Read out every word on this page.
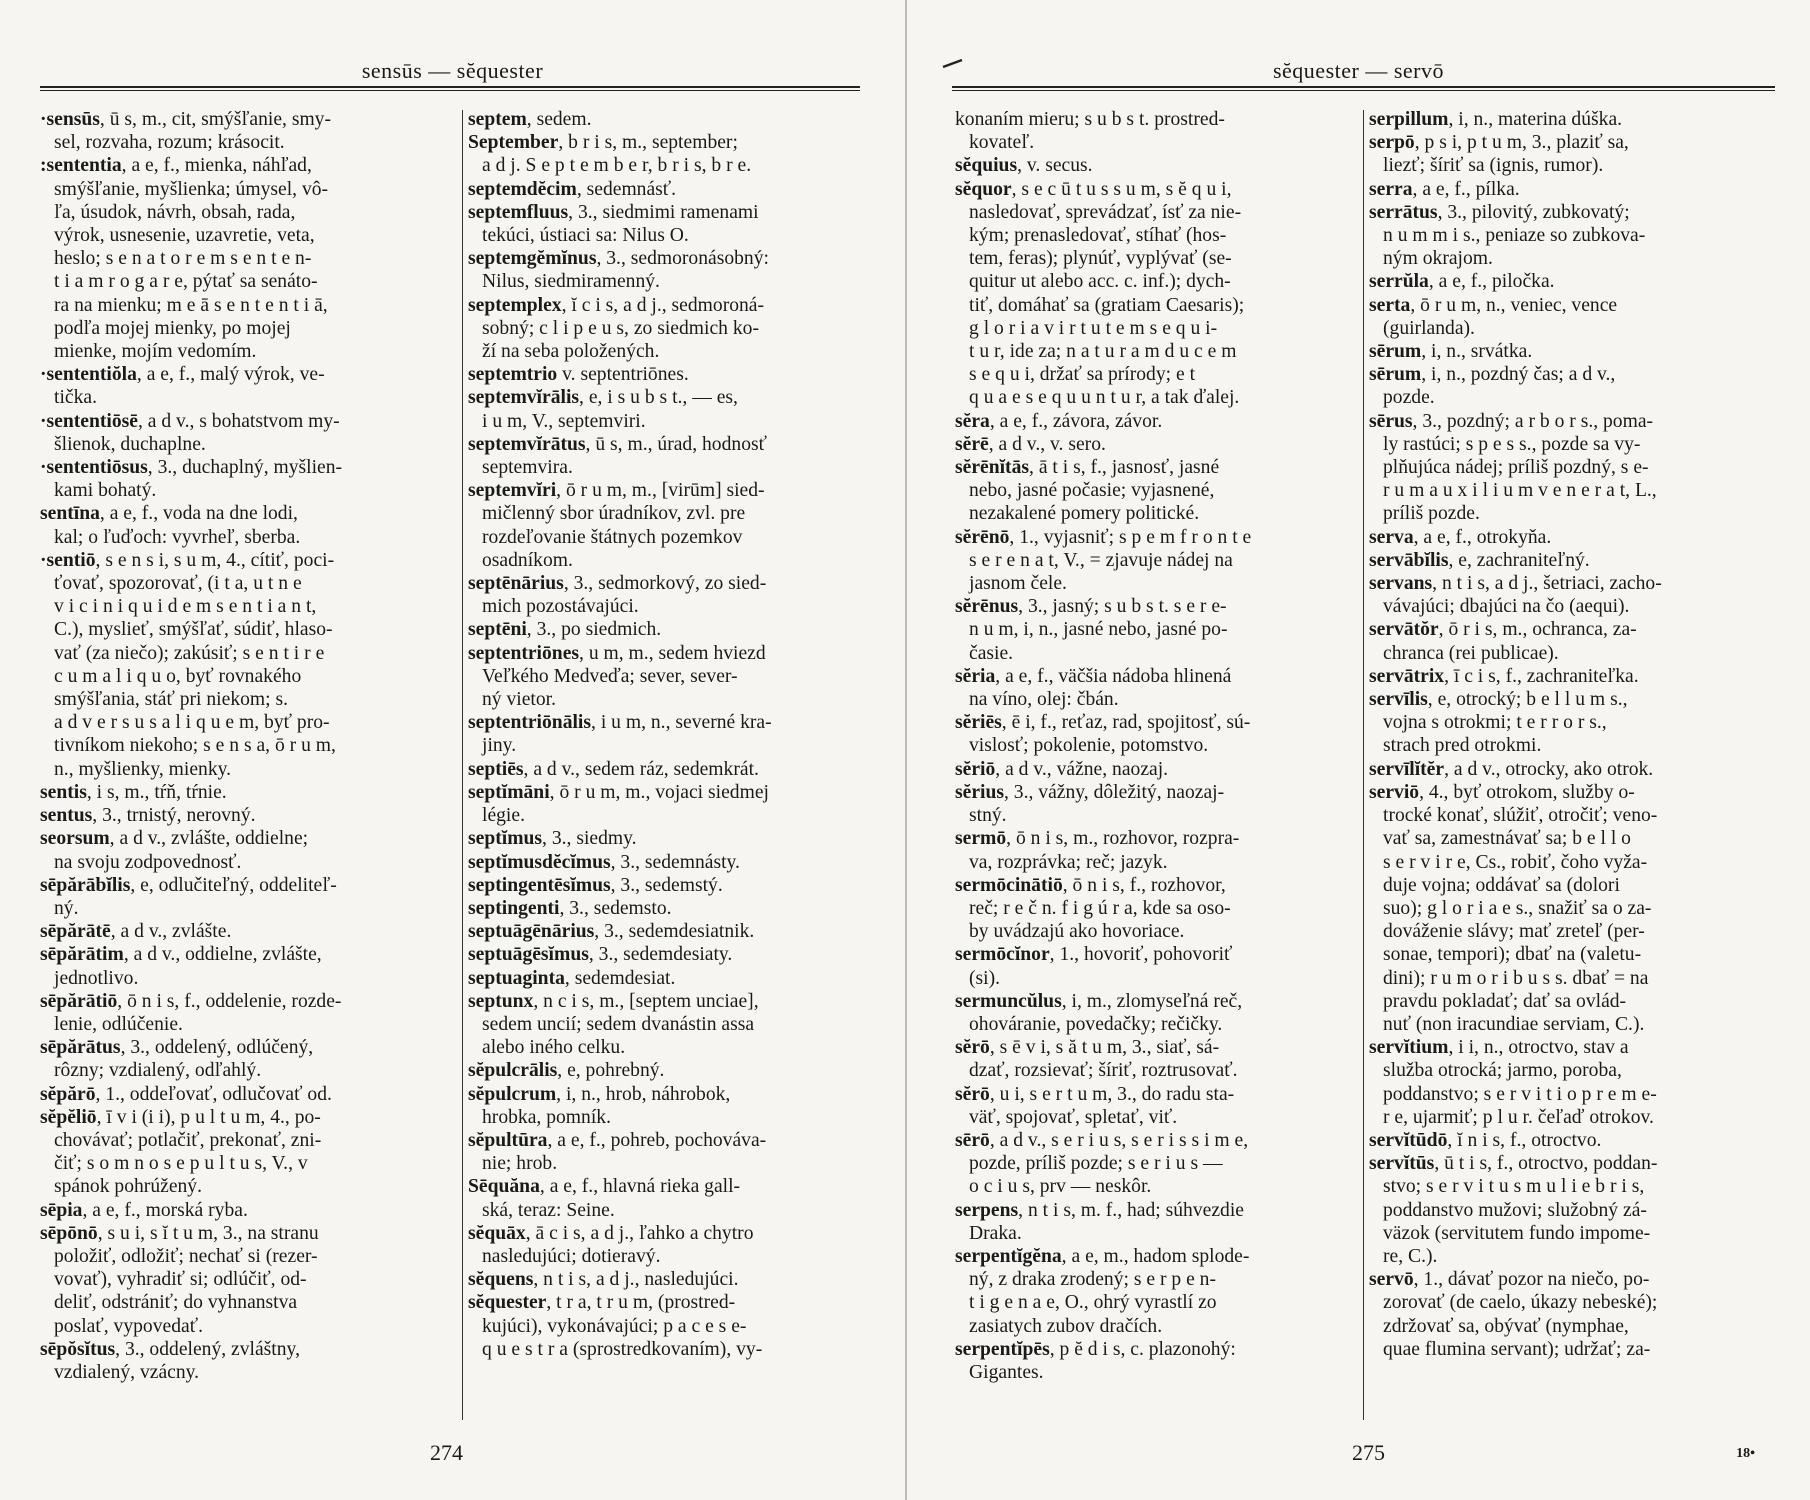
sensūs — sĕquester

·sensūs, ū s, m., cit, smýšľanie, smy-
sel, rozvaha, rozum; krásocit.

:sententia, a e, f., mienka, náhľad,
smýšľanie, myšlienka; úmysel, vô-
ľa, úsudok, návrh, obsah, rada,
výrok, usnesenie, uzavretie, veta,
heslo; s e n a t o r e m s e n t e n-
t i a m r o g a r e, pýtať sa senáto-
ra na mienku; m e ā s e n t e n t i ā,
podľa mojej mienky, po mojej
mienke, mojím vedomím.

·sententiŏla, a e, f., malý výrok, ve-
tička.

·sententiōsē, a d v., s bohatstvom my-
šlienok, duchaplne.

·sententiōsus, 3., duchaplný, myšlien-
kami bohatý.

sentīna, a e, f., voda na dne lodi,
kal; o ľuďoch: vyvrheľ, sberba.

·sentiō, s e n s i, s u m, 4., cítiť, poci-
ťovať, spozorovať, (i t a, u t n e
v i c i n i q u i d e m s e n t i a n t,
C.), myslieť, smýšľať, súdiť, hlaso-
vať (za niečo); zakúsiť; s e n t i r e
c u m a l i q u o, byť rovnakého
smýšľania, stáť pri niekom; s.
a d v e r s u s a l i q u e m, byť pro-
tivníkom niekoho; s e n s a, ō r u m,
n., myšlienky, mienky.

sentis, i s, m., tŕň, tŕnie.

sentus, 3., trnistý, nerovný.

seorsum, a d v., zvlášte, oddielne;
na svoju zodpovednosť.

sēpărābĭlis, e, odlučiteľný, oddeliteľ-
ný.

sēpărātē, a d v., zvlášte.

sēpărātim, a d v., oddielne, zvlášte,
jednotlivo.

sēpărātiō, ō n i s, f., oddelenie, rozde-
lenie, odlúčenie.

sēpărātus, 3., oddelený, odlúčený,
rôzny; vzdialený, odľahlý.

sĕpărō, 1., oddeľovať, odlučovať od.

sĕpĕliō, ī v i (i i), p u l t u m, 4., po-
chovávať; potlačiť, prekonať, zni-
čiť; s o m n o s e p u l t u s, V., v
spánok pohrúžený.

sēpia, a e, f., morská ryba.

sēpōnō, s u i, s ĭ t u m, 3., na stranu
položiť, odložiť; nechať si (rezer-
vovať), vyhradiť si; odlúčiť, od-
deliť, odstrániť; do vyhnanstva
poslať, vypovedať.

sēpŏsĭtus, 3., oddelený, zvláštny,
vzdialený, vzácny.

septem, sedem.

September, b r i s, m., september;
a d j. S e p t e m b e r, b r i s, b r e.

septemdĕcim, sedemnásť.

septemfluus, 3., siedmimi ramenami
tekúci, ústiaci sa: Nilus O.

septemgĕmĭnus, 3., sedmoronásobný:
Nilus, siedmiramenný.

septemplex, ĭ c i s, a d j., sedmoroná-
sobný; c l i p e u s, zo siedmich ko-
ží na seba položených.

septemtrio v. septentriōnes.

septemvĭrālis, e, i s u b s t., — es,
i u m, V., septemviri.

septemvĭrātus, ū s, m., úrad, hodnosť
septemvira.

septemvĭri, ō r u m, m., [virūm] sied-
mičlenný sbor úradníkov, zvl. pre
rozdeľovanie štátnych pozemkov
osadníkom.

septēnārius, 3., sedmorkový, zo sied-
mich pozostávajúci.

septēni, 3., po siedmich.

septentriōnes, u m, m., sedem hviezd
Veľkého Medveďa; sever, sever-
ný vietor.

septentriōnālis, i u m, n., severné kra-
jiny.

septiēs, a d v., sedem ráz, sedemkrát.

septĭmāni, ō r u m, m., vojaci siedmej
légie.

septĭmus, 3., siedmy.

septĭmusdĕcĭmus, 3., sedemnásty.

septingentēsĭmus, 3., sedemstý.

septingenti, 3., sedemsto.

septuāgēnārius, 3., sedemdesiatnik.

septuāgēsĭmus, 3., sedemdesiaty.

septuaginta, sedemdesiat.

septunx, n c i s, m., [septem unciae],
sedem uncií; sedem dvanástin assa
alebo iného celku.

sĕpulcrālis, e, pohrebný.

sĕpulcrum, i, n., hrob, náhrobok,
hrobka, pomník.

sĕpultūra, a e, f., pohreb, pochovávа-
nie; hrob.

Sēquăna, a e, f., hlavná rieka gall-
ská, teraz: Seine.

sĕquāx, ā c i s, a d j., ľahko a chytro
nasledujúci; dotieravý.

sĕquens, n t i s, a d j., nasledujúci.

sĕquester, t r a, t r u m, (prostred-
kujúci), vykonávajúci; p a c e s e-
q u e s t r a (sprostredkovaním), vy-

274
sĕquester — servō

konaním mieru; s u b s t. prostred-
kovateľ.

sĕquius, v. secus.

sĕquor, s e c ū t u s s u m, s ĕ q u i,
nasledovať, sprevádzať, ísť za nie-
kým; prenasledovať, stíhať (hos-
tem, feras); plynúť, vyplývať (se-
quitur ut alebo acc. c. inf.); dych-
tiť, domáhať sa (gratiam Caesaris);
g l o r i a v i r t u t e m s e q u i-
t u r, ide za; n a t u r a m d u c e m
s e q u i, držať sa prírody; e t
q u a e s e q u u n t u r, a tak ďalej.

sĕra, a e, f., závora, závor.

sĕrē, a d v., v. sero.

sĕrēnĭtās, ā t i s, f., jasnosť, jasné
nebo, jasné počasie; vyjasnené,
nezakalené pomery politické.

sĕrēnō, 1., vyjasniť; s p e m f r o n t e
s e r e n a t, V., = zjavuje nádej na
jasnom čele.

sĕrēnus, 3., jasný; s u b s t. s e r e-
n u m, i, n., jasné nebo, jasné po-
časie.

sĕria, a e, f., väčšia nádoba hlinená
na víno, olej: čbán.

sĕriēs, ē i, f., reťaz, rad, spojitosť, sú-
vislosť; pokolenie, potomstvo.

sĕriō, a d v., vážne, naozaj.

sĕrius, 3., vážny, dôležitý, naozaj-
stný.

sermō, ō n i s, m., rozhovor, rozpra-
va, rozprávka; reč; jazyk.

sermōcinātiō, ō n i s, f., rozhovor,
reč; r e č n. f i g ú r a, kde sa oso-
by uvádzajú ako hovoriace.

sermōcĭnor, 1., hovoriť, pohovoriť
(si).

sermuncŭlus, i, m., zlomyseľná reč,
ohováranie, povedačky; rečičky.

sĕrō, s ē v i, s ă t u m, 3., siať, sá-
dzať, rozsievať; šíriť, roztrusovať.

sĕrō, u i, s e r t u m, 3., do radu sta-
väť, spojovať, spletať, viť.

sērō, a d v., s e r i u s, s e r i s s i m e,
pozde, príliš pozde; s e r i u s —
o c i u s, prv — neskôr.

serpens, n t i s, m. f., had; súhvezdie
Draka.

serpentĭgĕna, a e, m., hadom splode-
ný, z draka zrodený; s e r p e n-
t i g e n a e, O., ohrý vyrastlí zo
zasiatych zubov dračích.

serpentĭpēs, p ĕ d i s, c. plazonohý:
Gigantes.

serpillum, i, n., materina dúška.

serpō, p s i, p t u m, 3., plaziť sa,
liezť; šíriť sa (ignis, rumor).

serra, a e, f., pílka.

serrātus, 3., pilovitý, zubkovatý;
n u m m i s., peniaze so zubkova-
ným okrajom.

serrŭla, a e, f., piločka.

serta, ō r u m, n., veniec, vence
(guirlanda).

sērum, i, n., srvátka.

sērum, i, n., pozdný čas; a d v.,
pozde.

sērus, 3., pozdný; a r b o r s., poma-
ly rastúci; s p e s s., pozde sa vy-
plňujúca nádej; príliš pozdný, s e-
r u m a u x i l i u m v e n e r a t, L.,
príliš pozde.

serva, a e, f., otrokyňa.

servābĭlis, e, zachraniteľný.

servans, n t i s, a d j., šetriaci, zacho-
vávajúci; dbajúci na čo (aequi).

servātŏr, ō r i s, m., ochranca, za-
chranca (rei publicae).

servātrix, ī c i s, f., zachraniteľka.

servīlis, e, otrocký; b e l l u m s.,
vojna s otrokmi; t e r r o r s.,
strach pred otrokmi.

servīlĭtĕr, a d v., otrocky, ako otrok.

serviō, 4., byť otrokom, služby o-
trocké konať, slúžiť, otročiť; veno-
vať sa, zamestnávať sa; b e l l o
s e r v i r e, Cs., robiť, čoho vyža-
duje vojna; oddávať sa (dolori
suo); g l o r i a e s., snažiť sa o za-
dováženie slávy; mať zreteľ (per-
sonae, tempori); dbať na (valetu-
dini); r u m o r i b u s s. dbať = na
pravdu pokladať; dať sa ovlád-
nuť (non iracundiae serviam, C.).

servĭtium, i i, n., otroctvo, stav a
služba otrocká; jarmo, poroba,
poddanstvo; s e r v i t i o p r e m e-
r e, ujarmiť; p l u r. čeľaď otrokov.

servĭtūdō, ĭ n i s, f., otroctvo.

servĭtūs, ū t i s, f., otroctvo, poddan-
stvo; s e r v i t u s m u l i e b r i s,
poddanstvo mužovi; služobný zá-
väzok (servitutem fundo impome-
re, C.).

servō, 1., dávať pozor na niečo, po-
zorovať (de caelo, úkazy nebeské);
zdržovať sa, obývať (nymphae,
quae flumina servant); udržať; za-

275	18•
